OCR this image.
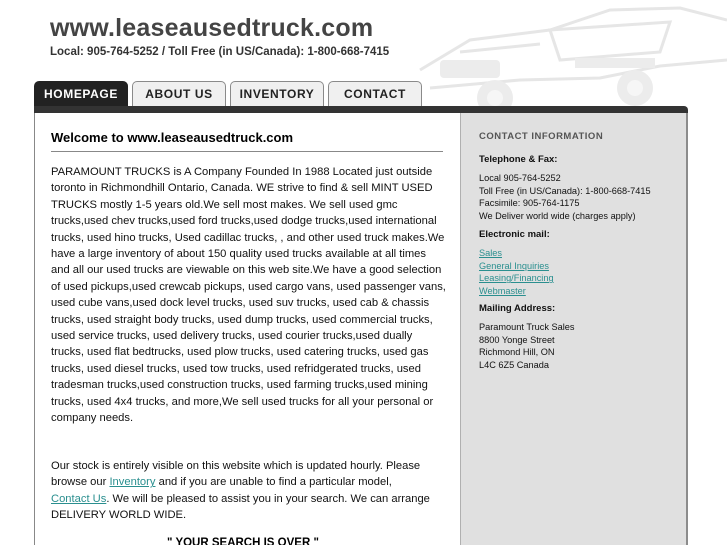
www.leaseausedtruck.com
Local: 905-764-5252 / Toll Free (in US/Canada): 1-800-668-7415
HOMEPAGE	ABOUT US	INVENTORY	CONTACT
Welcome to www.leaseausedtruck.com

PARAMOUNT TRUCKS is A Company Founded In 1988 Located just outside toronto in Richmondhill Ontario, Canada. WE strive to find & sell MINT USED TRUCKS mostly 1-5 years old.We sell most makes. We sell used gmc trucks,used chev trucks,used ford trucks,used dodge trucks,used international trucks, used hino trucks, Used cadillac trucks, , and other used truck makes.We have a large inventory of about 150 quality used trucks available at all times and all our used trucks are viewable on this web site.We have a good selection of used pickups,used crewcab pickups, used cargo vans, used passenger vans, used cube vans,used dock level trucks, used suv trucks, used cab & chassis trucks, used straight body trucks, used dump trucks, used commercial trucks, used service trucks, used delivery trucks, used courier trucks,used dually trucks, used flat bedtrucks, used plow trucks, used catering trucks, used gas trucks, used diesel trucks, used tow trucks, used refridgerated trucks, used tradesman trucks,used construction trucks, used farming trucks,used mining trucks, used 4x4 trucks, and more,We sell used trucks for all your personal or company needs.

Our stock is entirely visible on this website which is updated hourly. Please browse our Inventory and if you are unable to find a particular model, Contact Us. We will be pleased to assist you in your search. We can arrange DELIVERY WORLD WIDE.

" YOUR SEARCH IS OVER "
CONTACT INFORMATION
Telephone & Fax:
Local 905-764-5252
Toll Free (in US/Canada): 1-800-668-7415
Facsimile: 905-764-1175
We Deliver world wide (charges apply)
Electronic mail:
Sales
General Inquiries
Leasing/Financing
Webmaster
Mailing Address:
Paramount Truck Sales
8800 Yonge Street
Richmond Hill, ON
L4C 6Z5 Canada
